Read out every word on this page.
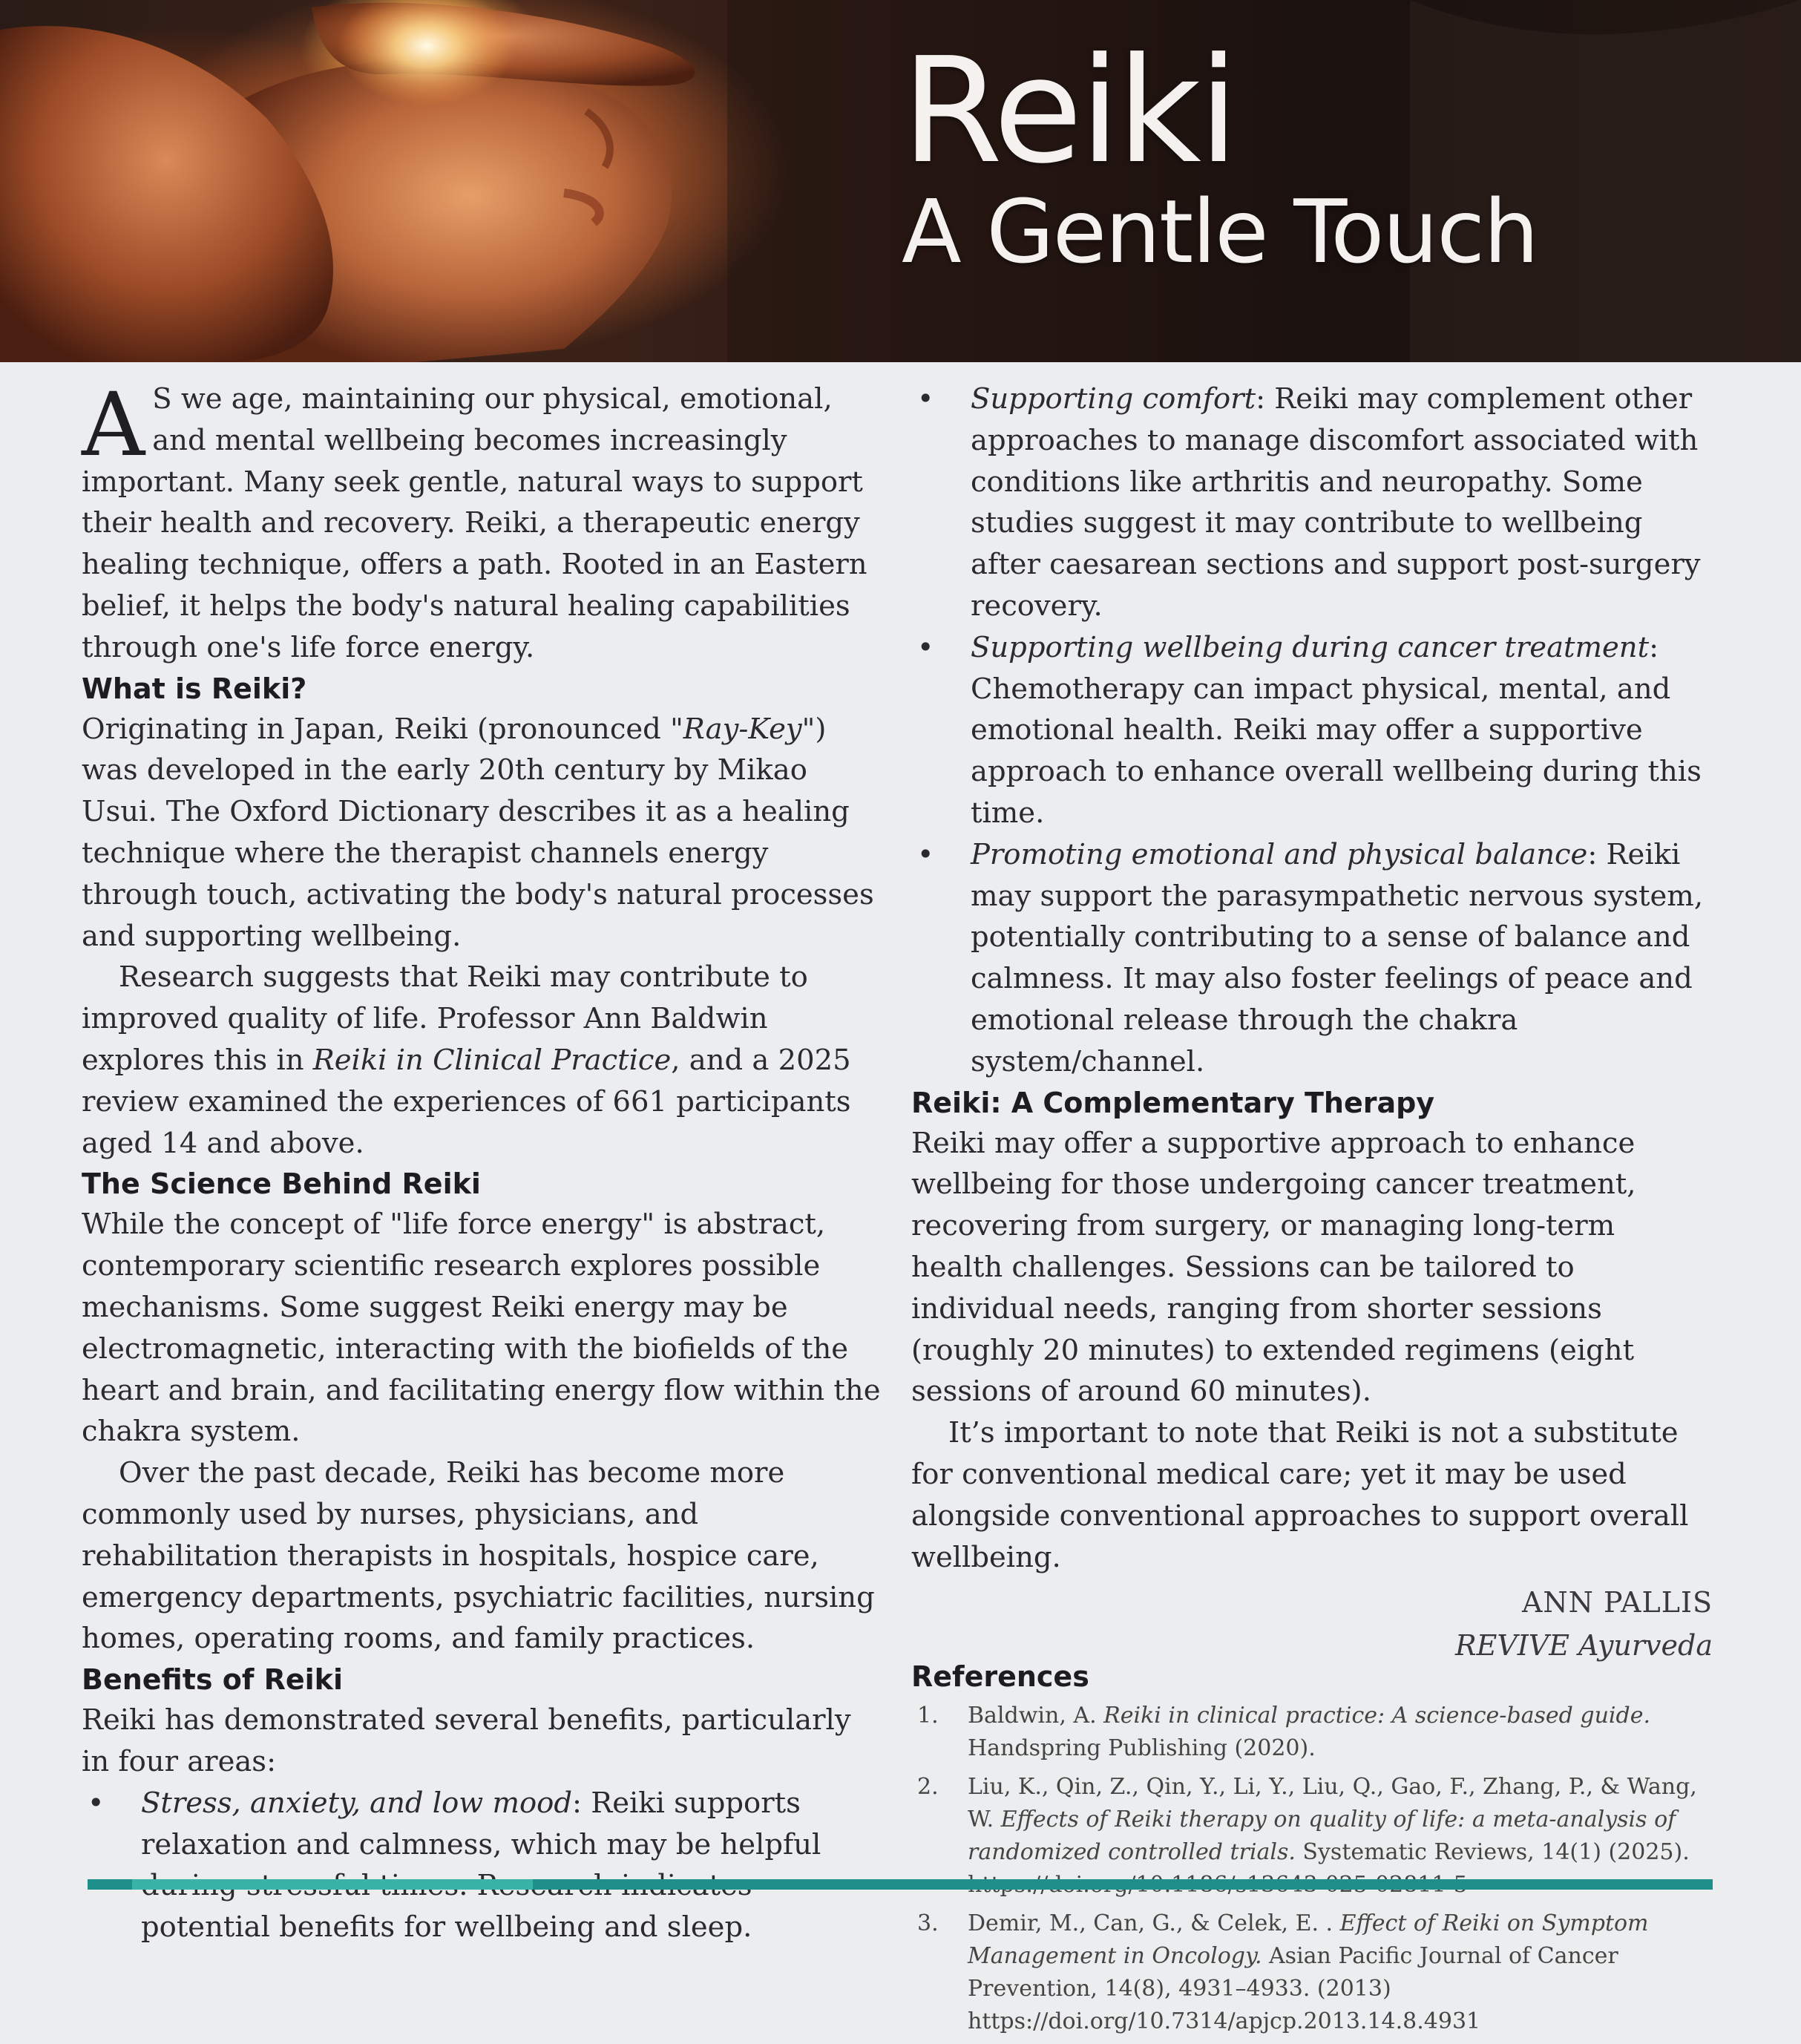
Reiki
A Gentle Touch

A S we age, maintaining our physical, emotional, and mental wellbeing becomes increasingly important. Many seek gentle, natural ways to support their health and recovery. Reiki, a therapeutic energy healing technique, offers a path. Rooted in an Eastern belief, it helps the body's natural healing capabilities through one's life force energy.

What is Reiki?

Originating in Japan, Reiki (pronounced "Ray-Key") was developed in the early 20th century by Mikao Usui. The Oxford Dictionary describes it as a healing technique where the therapist channels energy through touch, activating the body's natural processes and supporting wellbeing.

Research suggests that Reiki may contribute to improved quality of life. Professor Ann Baldwin explores this in Reiki in Clinical Practice, and a 2025 review examined the experiences of 661 participants aged 14 and above.

The Science Behind Reiki

While the concept of "life force energy" is abstract, contemporary scientific research explores possible mechanisms. Some suggest Reiki energy may be electromagnetic, interacting with the biofields of the heart and brain, and facilitating energy flow within the chakra system.

Over the past decade, Reiki has become more commonly used by nurses, physicians, and rehabilitation therapists in hospitals, hospice care, emergency departments, psychiatric facilities, nursing homes, operating rooms, and family practices.

Benefits of Reiki

Reiki has demonstrated several benefits, particularly in four areas:

• Stress, anxiety, and low mood: Reiki supports relaxation and calmness, which may be helpful potential benefits for wellbeing and sleep.
• Supporting comfort: Reiki may complement other approaches to manage discomfort associated with conditions like arthritis and neuropathy. Some studies suggest it may contribute to wellbeing after caesarean sections and support post-surgery recovery.
• Supporting wellbeing during cancer treatment: Chemotherapy can impact physical, mental, and emotional health. Reiki may offer a supportive approach to enhance overall wellbeing during this time.
• Promoting emotional and physical balance: Reiki may support the parasympathetic nervous system, potentially contributing to a sense of balance and calmness. It may also foster feelings of peace and emotional release through the chakra system/channel.
Reiki: A Complementary Therapy

Reiki may offer a supportive approach to enhance wellbeing for those undergoing cancer treatment, recovering from surgery, or managing long-term health challenges. Sessions can be tailored to individual needs, ranging from shorter sessions (roughly 20 minutes) to extended regimens (eight sessions of around 60 minutes).

It’s important to note that Reiki is not a substitute for conventional medical care; yet it may be used alongside conventional approaches to support overall wellbeing.

ANN PALLIS
REVIVE Ayurveda
References
1. Baldwin, A. Reiki in clinical practice: A science-based guide. Handspring Publishing (2020).
2. Liu, K., Qin, Z., Qin, Y., Li, Y., Liu, Q., Gao, F., Zhang, P., & Wang, W. Effects of Reiki therapy on quality of life: a meta-analysis of randomized controlled trials. Systematic Reviews, 14(1) (2025).
3. Demir, M., Can, G., & Celek, E. . Effect of Reiki on Symptom Management in Oncology. Asian Pacific Journal of Cancer Prevention, 14(8), 4931–4933. (2013) https://doi.org/10.7314/apjcp.2013.14.8.4931
